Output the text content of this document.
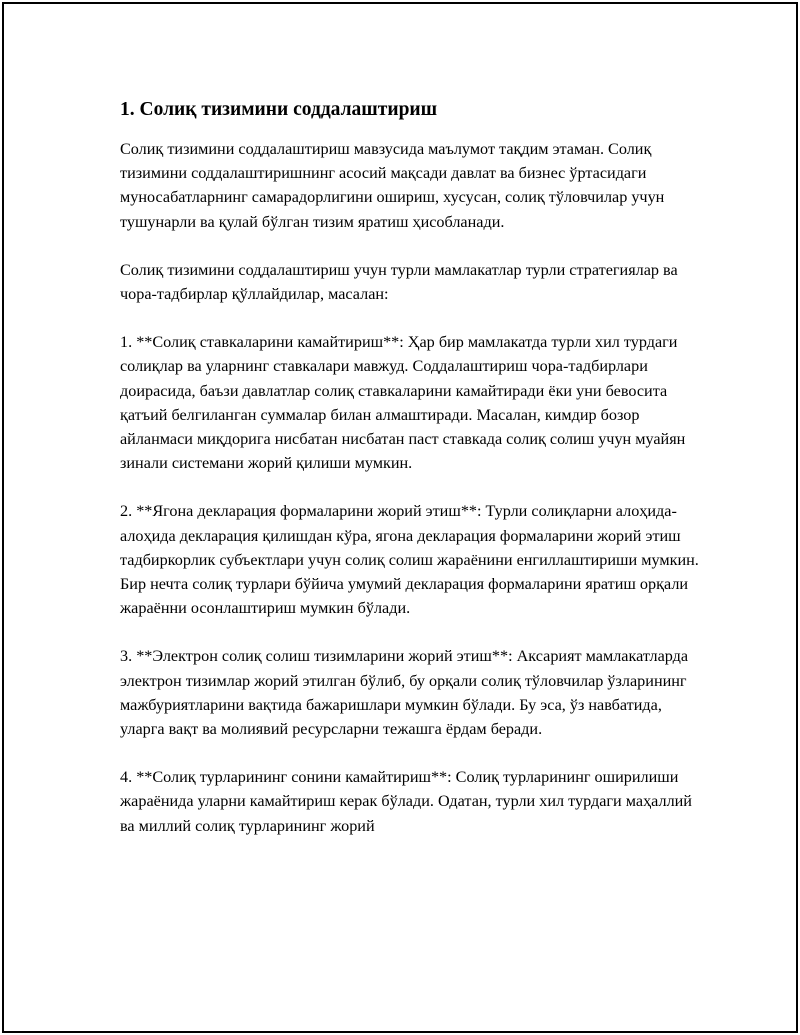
1. Солиқ тизимини соддалаштириш

Солиқ тизимини соддалаштириш мавзусида маълумот тақдим этаман. Солиқ тизимини соддалаштиришнинг асосий мақсади давлат ва бизнес ўртасидаги муносабатларнинг самарадорлигини ошириш, хусусан, солиқ тўловчилар учун тушунарли ва қулай бўлган тизим яратиш ҳисобланади.

Солиқ тизимини соддалаштириш учун турли мамлакатлар турли стратегиялар ва чора-тадбирлар қўллайдилар, масалан:

1. **Солиқ ставкаларини камайтириш**: Ҳар бир мамлакатда турли хил турдаги солиқлар ва уларнинг ставкалари мавжуд. Соддалаштириш чора-тадбирлари доирасида, баъзи давлатлар солиқ ставкаларини камайтиради ёки уни бевосита қатъий белгиланган суммалар билан алмаштиради. Масалан, кимдир бозор айланмаси миқдорига нисбатан нисбатан паст ставкада солиқ солиш учун муайян зинали системани жорий қилиши мумкин.

2. **Ягона декларация формаларини жорий этиш**: Турли солиқларни алоҳида-алоҳида декларация қилишдан кўра, ягона декларация формаларини жорий этиш тадбиркорлик субъектлари учун солиқ солиш жараёнини енгиллаштириши мумкин. Бир нечта солиқ турлари бўйича умумий декларация формаларини яратиш орқали жараённи осонлаштириш мумкин бўлади.

3. **Электрон солиқ солиш тизимларини жорий этиш**: Аксарият мамлакатларда электрон тизимлар жорий этилган бўлиб, бу орқали солиқ тўловчилар ўзларининг мажбуриятларини вақтида бажаришлари мумкин бўлади. Бу эса, ўз навбатида, уларга вақт ва молиявий ресурсларни тежашга ёрдам беради.

4. **Солиқ турларининг сонини камайтириш**: Солиқ турларининг оширилиши жараёнида уларни камайтириш керак бўлади. Одатан, турли хил турдаги маҳаллий ва миллий солиқ турларининг жорий
